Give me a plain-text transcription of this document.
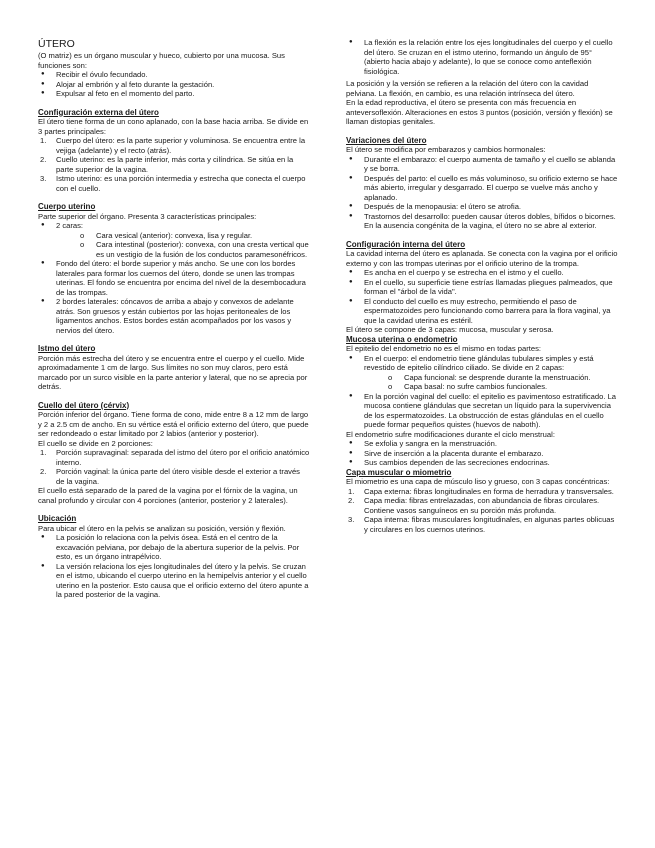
ÚTERO

(O matriz) es un órgano muscular y hueco, cubierto por una mucosa. Sus funciones son:

● Recibir el óvulo fecundado.
● Alojar al embrión y al feto durante la gestación.
● Expulsar al feto en el momento del parto.
Configuración externa del útero

El útero tiene forma de un cono aplanado, con la base hacia arriba. Se divide en 3 partes principales:

1. Cuerpo del útero: es la parte superior y voluminosa. Se encuentra entre la vejiga (adelante) y el recto (atrás).
2. Cuello uterino: es la parte inferior, más corta y cilíndrica. Se sitúa en la parte superior de la vagina.
3. Istmo uterino: es una porción intermedia y estrecha que conecta el cuerpo con el cuello.
Cuerpo uterino

Parte superior del órgano. Presenta 3 características principales:

● 2 caras:
o Cara vesical (anterior): convexa, lisa y regular.
o Cara intestinal (posterior): convexa, con una cresta vertical que es un vestigio de la fusión de los conductos paramesonéfricos.
● Fondo del útero: el borde superior y más ancho. Se une con los bordes laterales para formar los cuernos del útero, donde se unen las trompas uterinas. El fondo se encuentra por encima del nivel de la desembocadura de las trompas.
● 2 bordes laterales: cóncavos de arriba a abajo y convexos de adelante atrás. Son gruesos y están cubiertos por las hojas peritoneales de los ligamentos anchos. Estos bordes están acompañados por los vasos y nervios del útero.
Istmo del útero

Porción más estrecha del útero y se encuentra entre el cuerpo y el cuello. Mide aproximadamente 1 cm de largo. Sus límites no son muy claros, pero está marcado por un surco visible en la parte anterior y lateral, que no se aprecia por detrás.

Cuello del útero (cérvix)

Porción inferior del órgano. Tiene forma de cono, mide entre 8 a 12 mm de largo y 2 a 2.5 cm de ancho. En su vértice está el orificio externo del útero, que puede ser redondeado o estar limitado por 2 labios (anterior y posterior).

El cuello se divide en 2 porciones:

1. Porción supravaginal: separada del istmo del útero por el orificio anatómico interno.
2. Porción vaginal: la única parte del útero visible desde el exterior a través de la vagina.

El cuello está separado de la pared de la vagina por el fórnix de la vagina, un canal profundo y circular con 4 porciones (anterior, posterior y 2 laterales).

Ubicación

Para ubicar el útero en la pelvis se analizan su posición, versión y flexión.

● La posición lo relaciona con la pelvis ósea. Está en el centro de la excavación pelviana, por debajo de la abertura superior de la pelvis. Por esto, es un órgano intrapélvico.
● La versión relaciona los ejes longitudinales del útero y la pelvis. Se cruzan en el istmo, ubicando el cuerpo uterino en la hemipelvis anterior y el cuello uterino en la posterior. Esto causa que el orificio externo del útero apunte a la pared posterior de la vagina.
● La flexión es la relación entre los ejes longitudinales del cuerpo y el cuello del útero. Se cruzan en el istmo uterino, formando un ángulo de 95° (abierto hacia abajo y adelante), lo que se conoce como anteflexión fisiológica.

La posición y la versión se refieren a la relación del útero con la cavidad pelviana. La flexión, en cambio, es una relación intrínseca del útero.

En la edad reproductiva, el útero se presenta con más frecuencia en anteversoflexión. Alteraciones en estos 3 puntos (posición, versión y flexión) se llaman distopias genitales.

Variaciones del útero

El útero se modifica por embarazos y cambios hormonales:

● Durante el embarazo: el cuerpo aumenta de tamaño y el cuello se ablanda y se borra.
● Después del parto: el cuello es más voluminoso, su orificio externo se hace más abierto, irregular y desgarrado. El cuerpo se vuelve más ancho y aplanado.
● Después de la menopausia: el útero se atrofia.
● Trastornos del desarrollo: pueden causar úteros dobles, bífidos o bicornes. En la ausencia congénita de la vagina, el útero no se abre al exterior.
Configuración interna del útero

La cavidad interna del útero es aplanada. Se conecta con la vagina por el orificio externo y con las trompas uterinas por el orificio uterino de la trompa.

● Es ancha en el cuerpo y se estrecha en el istmo y el cuello.
● En el cuello, su superficie tiene estrías llamadas pliegues palmeados, que forman el "árbol de la vida".
● El conducto del cuello es muy estrecho, permitiendo el paso de espermatozoides pero funcionando como barrera para la flora vaginal, ya que la cavidad uterina es estéril.

El útero se compone de 3 capas: mucosa, muscular y serosa.

Mucosa uterina o endometrio

El epitelio del endometrio no es el mismo en todas partes:

● En el cuerpo: el endometrio tiene glándulas tubulares simples y está revestido de epitelio cilíndrico ciliado. Se divide en 2 capas:
o Capa funcional: se desprende durante la menstruación.
o Capa basal: no sufre cambios funcionales.
● En la porción vaginal del cuello: el epitelio es pavimentoso estratificado. La mucosa contiene glándulas que secretan un líquido para la supervivencia de los espermatozoides. La obstrucción de estas glándulas en el cuello puede formar pequeños quistes (huevos de naboth).

El endometrio sufre modificaciones durante el ciclo menstrual:

● Se exfolia y sangra en la menstruación.
● Sirve de inserción a la placenta durante el embarazo.
● Sus cambios dependen de las secreciones endocrinas.
Capa muscular o miometrio

El miometrio es una capa de músculo liso y grueso, con 3 capas concéntricas:

1. Capa externa: fibras longitudinales en forma de herradura y transversales.
2. Capa media: fibras entrelazadas, con abundancia de fibras circulares. Contiene vasos sanguíneos en su porción más profunda.
3. Capa interna: fibras musculares longitudinales, en algunas partes oblicuas y circulares en los cuernos uterinos.
